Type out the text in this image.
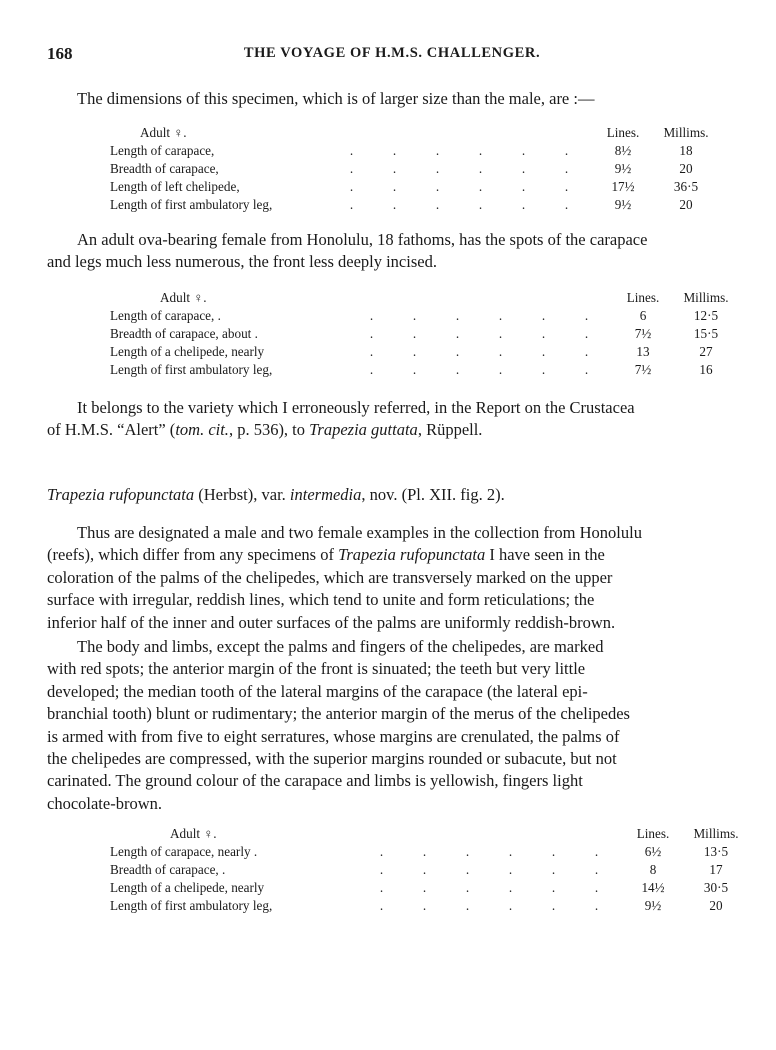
168	THE VOYAGE OF H.M.S. CHALLENGER.
The dimensions of this specimen, which is of larger size than the male, are :—
Adult ♀.		Lines.	Millims.
Length of carapace,	. . . . . .	8½	18
Breadth of carapace,	. . . . . .	9½	20
Length of left chelipede,	. . . . . .	17½	36·5
Length of first ambulatory leg,	. . . . . .	9½	20
An adult ova-bearing female from Honolulu, 18 fathoms, has the spots of the carapace
and legs much less numerous, the front less deeply incised.
Adult ♀.		Lines.	Millims.
Length of carapace, .	. . . . . .	6	12·5
Breadth of carapace, about .	. . . . . .	7½	15·5
Length of a chelipede, nearly	. . . . . .	13	27
Length of first ambulatory leg,	. . . . . .	7½	16
It belongs to the variety which I erroneously referred, in the Report on the Crustacea
of H.M.S. “Alert” (tom. cit., p. 536), to Trapezia guttata, Rüppell.
Trapezia rufopunctata (Herbst), var. intermedia, nov. (Pl. XII. fig. 2).
Thus are designated a male and two female examples in the collection from Honolulu
(reefs), which differ from any specimens of Trapezia rufopunctata I have seen in the
coloration of the palms of the chelipedes, which are transversely marked on the upper
surface with irregular, reddish lines, which tend to unite and form reticulations; the
inferior half of the inner and outer surfaces of the palms are uniformly reddish-brown.
The body and limbs, except the palms and fingers of the chelipedes, are marked
with red spots; the anterior margin of the front is sinuated; the teeth but very little
developed; the median tooth of the lateral margins of the carapace (the lateral epi-
branchial tooth) blunt or rudimentary; the anterior margin of the merus of the chelipedes
is armed with from five to eight serratures, whose margins are crenulated, the palms of
the chelipedes are compressed, with the superior margins rounded or subacute, but not
carinated. The ground colour of the carapace and limbs is yellowish, fingers light
chocolate-brown.
Adult ♀.		Lines.	Millims.
Length of carapace, nearly .	. . . . . .	6½	13·5
Breadth of carapace, .	. . . . . .	8	17
Length of a chelipede, nearly	. . . . . .	14½	30·5
Length of first ambulatory leg,	. . . . . .	9½	20
